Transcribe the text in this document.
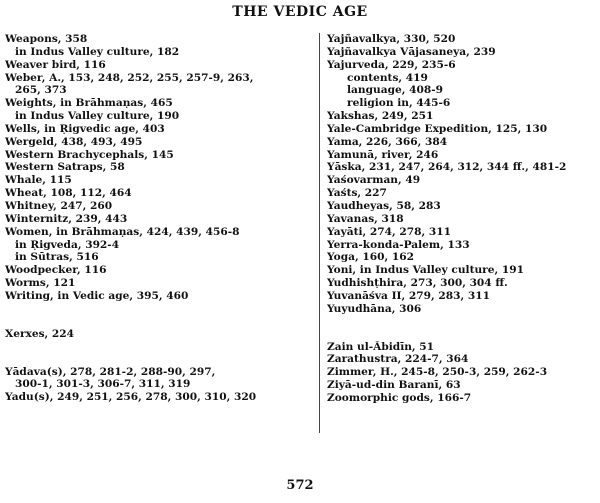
THE VEDIC AGE
Weapons, 358
in Indus Valley culture, 182
Weaver bird, 116
Weber, A., 153, 248, 252, 255, 257-9, 263,
265, 373
Weights, in Brāhmaṇas, 465
in Indus Valley culture, 190
Wells, in Ṛigvedic age, 403
Wergeld, 438, 493, 495
Western Brachycephals, 145
Western Satraps, 58
Whale, 115
Wheat, 108, 112, 464
Whitney, 247, 260
Winternitz, 239, 443
Women, in Brāhmaṇas, 424, 439, 456-8
in Ṛigveda, 392-4
in Sūtras, 516
Woodpecker, 116
Worms, 121
Writing, in Vedic age, 395, 460
Xerxes, 224
Yādava(s), 278, 281-2, 288-90, 297,
300-1, 301-3, 306-7, 311, 319
Yadu(s), 249, 251, 256, 278, 300, 310, 320
Yajñavalkya, 330, 520
Yajñavalkya Vājasaneya, 239
Yajurveda, 229, 235-6
contents, 419
language, 408-9
religion in, 445-6
Yakshas, 249, 251
Yale-Cambridge Expedition, 125, 130
Yama, 226, 366, 384
Yamunā, river, 246
Yāska, 231, 247, 264, 312, 344 ff., 481-2
Yaśovarman, 49
Yaśts, 227
Yaudheyas, 58, 283
Yavanas, 318
Yayāti, 274, 278, 311
Yerra-konda-Palem, 133
Yoga, 160, 162
Yoni, in Indus Valley culture, 191
Yudhishṭhira, 273, 300, 304 ff.
Yuvanāśva II, 279, 283, 311
Yuyudhāna, 306
Zain ul-Ābidīn, 51
Zarathustra, 224-7, 364
Zimmer, H., 245-8, 250-3, 259, 262-3
Ziyā-ud-din Baranī, 63
Zoomorphic gods, 166-7
572
